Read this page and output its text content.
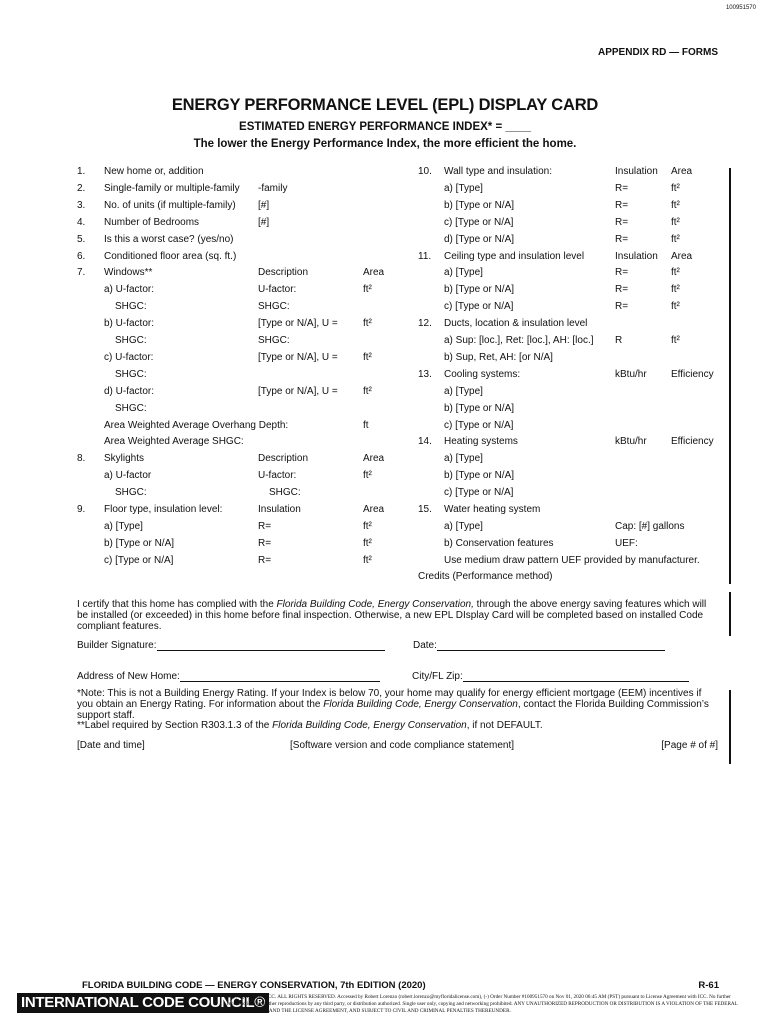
100951570
APPENDIX RD — FORMS
ENERGY PERFORMANCE LEVEL (EPL) DISPLAY CARD
ESTIMATED ENERGY PERFORMANCE INDEX* = ____
The lower the Energy Performance Index, the more efficient the home.
1. New home or, addition
2. Single-family or multiple-family -family
3. No. of units (if multiple-family) [#]
4. Number of Bedrooms	[#]
5. Is this a worst case? (yes/no)
6. Conditioned floor area (sq. ft.)
7. Windows**	Description	Area
a) U-factor:	U-factor:	ft²
SHGC:	SHGC:
b) U-factor:	[Type or N/A], U =	ft²
SHGC:	SHGC:
c) U-factor:	[Type or N/A], U =	ft²
SHGC:
d) U-factor:	[Type or N/A], U =	ft²
SHGC:
Area Weighted Average Overhang Depth:	ft
Area Weighted Average SHGC:
8. Skylights	Description	Area
a) U-factor	U-factor:	ft²
SHGC:	SHGC:
9. Floor type, insulation level:	Insulation	Area
a) [Type]	R=	ft²
b) [Type or N/A]	R=	ft²
c) [Type or N/A]	R=	ft²
10. Wall type and insulation:	Insulation Area
a) [Type]	R=	ft²
b) [Type or N/A]	R=	ft²
c) [Type or N/A]	R=	ft²
d) [Type or N/A]	R=	ft²
11. Ceiling type and insulation level	Insulation Area
a) [Type]	R=	ft²
b) [Type or N/A]	R=	ft²
c) [Type or N/A]	R=	ft²
12. Ducts, location & insulation level
a) Sup: [loc.], Ret: [loc.], AH: [loc.] R	ft²
b) Sup, Ret, AH: [or N/A]
13. Cooling systems:	kBtu/hr Efficiency
a) [Type]
b) [Type or N/A]
c) [Type or N/A]
14. Heating systems	kBtu/hr Efficiency
a) [Type]
b) [Type or N/A]
c) [Type or N/A]
15. Water heating system
a) [Type]	Cap: [#] gallons
b) Conservation features	UEF:
Use medium draw pattern UEF provided by manufacturer.
Credits (Performance method)
I certify that this home has complied with the Florida Building Code, Energy Conservation, through the above energy saving features which will be installed (or exceeded) in this home before final inspection. Otherwise, a new EPL DIsplay Card will be completed based on installed Code compliant features.
Builder Signature:	Date:
Address of New Home:	City/FL Zip:
*Note: This is not a Building Energy Rating. If your Index is below 70, your home may qualify for energy efficient mortgage (EEM) incentives if you obtain an Energy Rating. For information about the Florida Building Code, Energy Conservation, contact the Florida Building Commission’s support staff.
**Label required by Section R303.1.3 of the Florida Building Code, Energy Conservation, if not DEFAULT.
[Date and time]	[Software version and code compliance statement]	[Page # of #]
FLORIDA BUILDING CODE — ENERGY CONSERVATION, 7th EDITION (2020)	R-61
INTERNATIONAL CODE COUNCIL®
Copyright © 2020 ICC. ALL RIGHTS RESERVED. Accessed by Robert Lorenzo (robert.lorenzo@myfloridalicense.com), (-) Order Number #100951570 on Nov 01, 2020 06:45 AM (PST) pursuant to License Agreement with ICC. No further reproduction, no further reproductions by any third party, or distribution authorized. Single user only, copying and networking prohibited. ANY UNAUTHORIZED REPRODUCTION OR DISTRIBUTION IS A VIOLATION OF THE FEDERAL COPYRIGHT ACT AND THE LICENSE AGREEMENT, AND SUBJECT TO CIVIL AND CRIMINAL PENALTIES THEREUNDER.
